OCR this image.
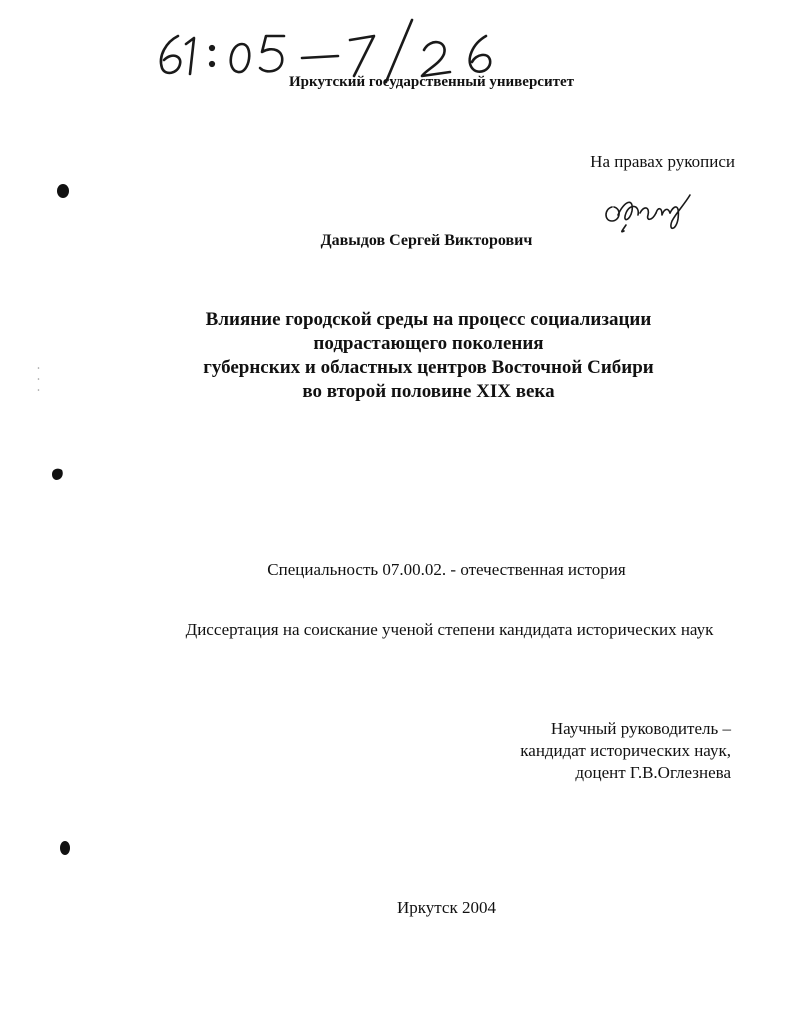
Иркутский государственный университет
На правах рукописи
Давыдов Сергей Викторович
Влияние городской среды на процесс социализации
подрастающего поколения
губернских и областных центров Восточной Сибири
во второй половине XIX века
Специальность 07.00.02. - отечественная история
Диссертация на соискание ученой степени кандидата исторических наук
Научный руководитель –
кандидат исторических наук,
доцент Г.В.Оглезнева
Иркутск 2004
